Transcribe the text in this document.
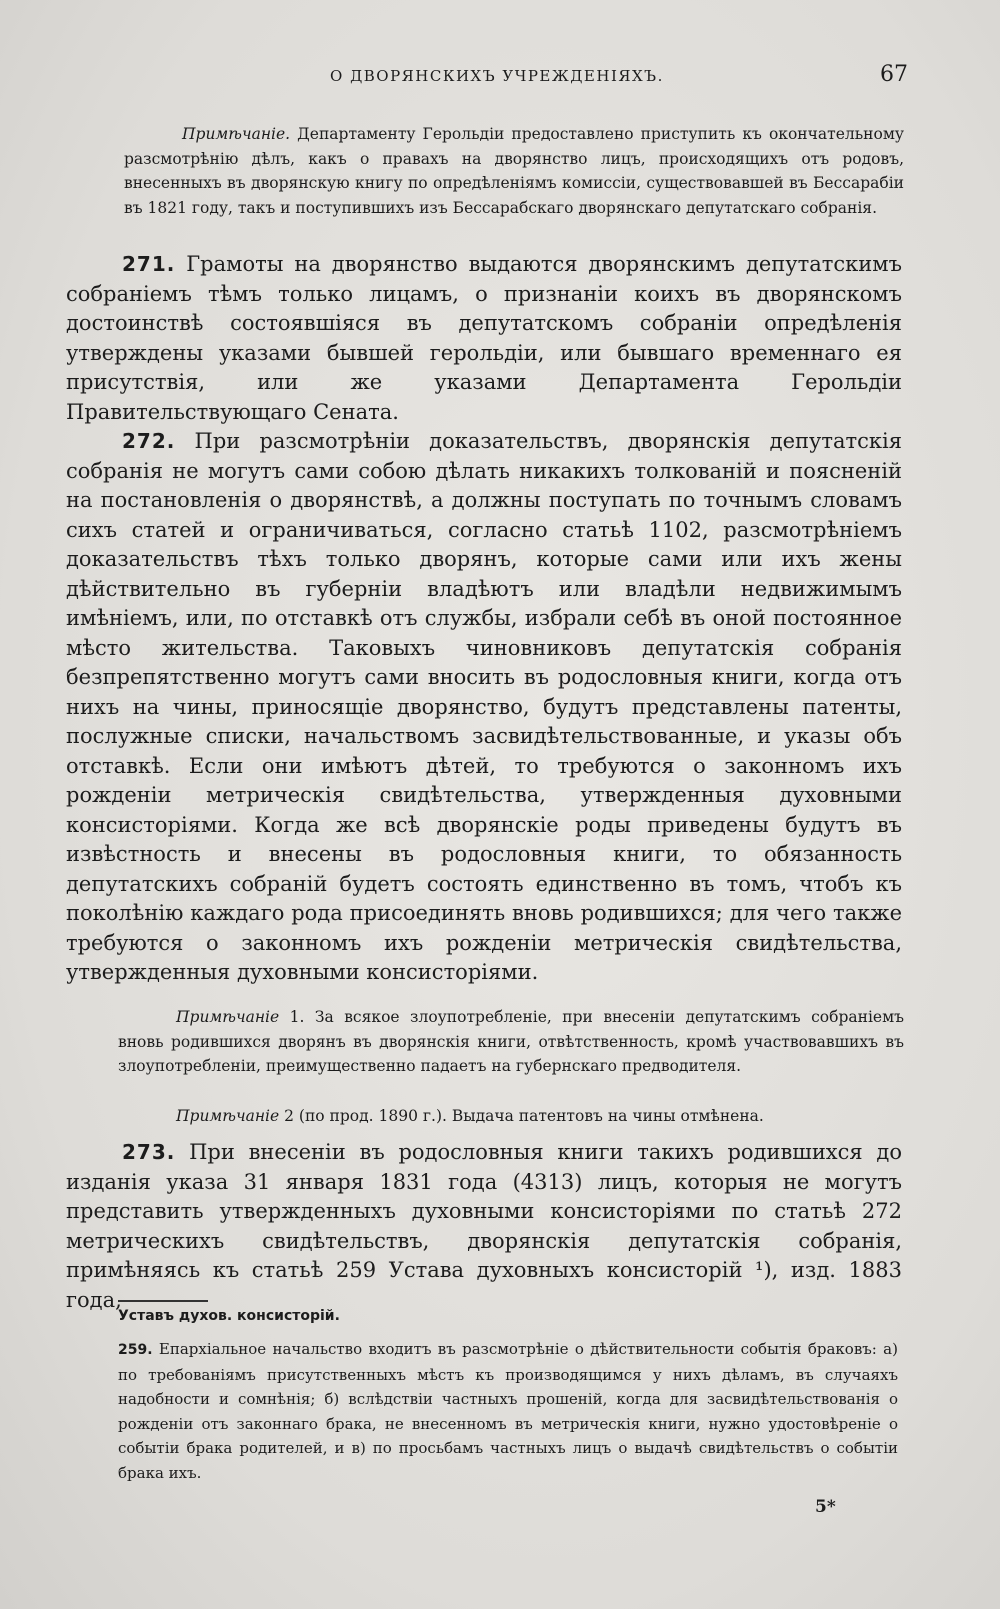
О ДВОРЯНСКИХЪ УЧРЕЖДЕНІЯХЪ.	67

Примѣчаніе. Департаменту Герольдіи предоставлено приступить къ окончательному разсмотрѣнію дѣлъ, какъ о правахъ на дворянство лицъ, происходящихъ отъ родовъ, внесенныхъ въ дворянскую книгу по опредѣленіямъ комиссіи, существовавшей въ Бессарабіи въ 1821 году, такъ и поступившихъ изъ Бессарабскаго дворянскаго депутатскаго собранія.

271. Грамоты на дворянство выдаются дворянскимъ депутатскимъ собраніемъ тѣмъ только лицамъ, о признаніи коихъ въ дворянскомъ достоинствѣ состоявшіяся въ депутатскомъ собраніи опредѣленія утверждены указами бывшей герольдіи, или бывшаго временнаго ея присутствія, или же указами Департамента Герольдіи Правительствующаго Сената.

272. При разсмотрѣніи доказательствъ, дворянскія депутатскія собранія не могутъ сами собою дѣлать никакихъ толкованій и поясненій на постановленія о дворянствѣ, а должны поступать по точнымъ словамъ сихъ статей и ограничиваться, согласно статьѣ 1102, разсмотрѣніемъ доказательствъ тѣхъ только дворянъ, которые сами или ихъ жены дѣйствительно въ губерніи владѣютъ или владѣли недвижимымъ имѣніемъ, или, по отставкѣ отъ службы, избрали себѣ въ оной постоянное мѣсто жительства. Таковыхъ чиновниковъ депутатскія собранія безпрепятственно могутъ сами вносить въ родословныя книги, когда отъ нихъ на чины, приносящіе дворянство, будутъ представлены патенты, послужные списки, начальствомъ засвидѣтельствованные, и указы объ отставкѣ. Если они имѣютъ дѣтей, то требуются о законномъ ихъ рожденіи метрическія свидѣтельства, утвержденныя духовными консисторіями. Когда же всѣ дворянскіе роды приведены будутъ въ извѣстность и внесены въ родословныя книги, то обязанность депутатскихъ собраній будетъ состоять единственно въ томъ, чтобъ къ поколѣнію каждаго рода присоединять вновь родившихся; для чего также требуются о законномъ ихъ рожденіи метрическія свидѣтельства, утвержденныя духовными консисторіями.

Примѣчаніе 1. За всякое злоупотребленіе, при внесеніи депутатскимъ собраніемъ вновь родившихся дворянъ въ дворянскія книги, отвѣтственность, кромѣ участвовавшихъ въ злоупотребленіи, преимущественно падаетъ на губернскаго предводителя.

Примѣчаніе 2 (по прод. 1890 г.). Выдача патентовъ на чины отмѣнена.

273. При внесеніи въ родословныя книги такихъ родившихся до изданія указа 31 января 1831 года (4313) лицъ, которыя не могутъ представить утвержденныхъ духовными консисторіями по статьѣ 272 метрическихъ свидѣтельствъ, дворянскія депутатскія собранія, примѣняясь къ статьѣ 259 Устава духовныхъ консисторій ¹), изд. 1883 года,

Уставъ духов. консисторій.

259. Епархіальное начальство входитъ въ разсмотрѣніе о дѣйствительности событія браковъ: а) по требованіямъ присутственныхъ мѣстъ къ производящимся у нихъ дѣламъ, въ случаяхъ надобности и сомнѣнія; б) вслѣдствіи частныхъ прошеній, когда для засвидѣтельствованія о рожденіи отъ законнаго брака, не внесенномъ въ метрическія книги, нужно удостовѣреніе о событіи брака родителей, и в) по просьбамъ частныхъ лицъ о выдачѣ свидѣтельствъ о событіи брака ихъ.

5*
